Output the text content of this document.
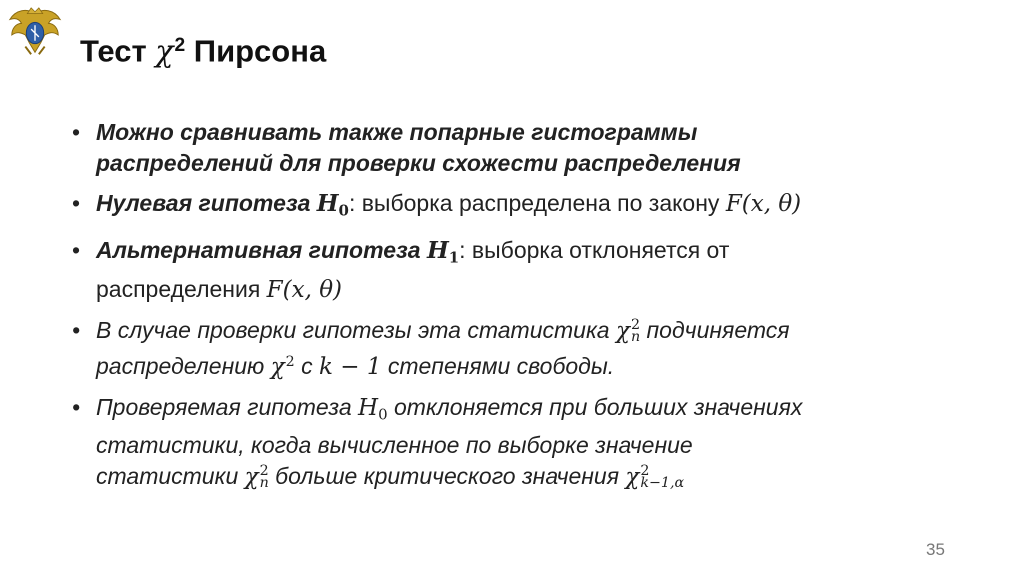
Тест $\chi^2$ Пирсона
• Можно сравнивать также попарные гистограммы
распределений для проверки схожести распределения
• Нулевая гипотеза $H_0$: выборка распределена по закону F(x, θ)
• Альтернативная гипотеза $H_1$: выборка отклоняется от
распределения F(x, θ)
• В случае проверки гипотезы эта статистика χ 2
n подчиняется
распределению $\chi^2$ с k − 1 степенями свободы.
• Проверяемая гипотеза $H_0$ отклоняется при больших значениях
статистики, когда вычисленное по выборке значение
статистики χ 2
n больше критического значения χ 2
k−1,α
35
